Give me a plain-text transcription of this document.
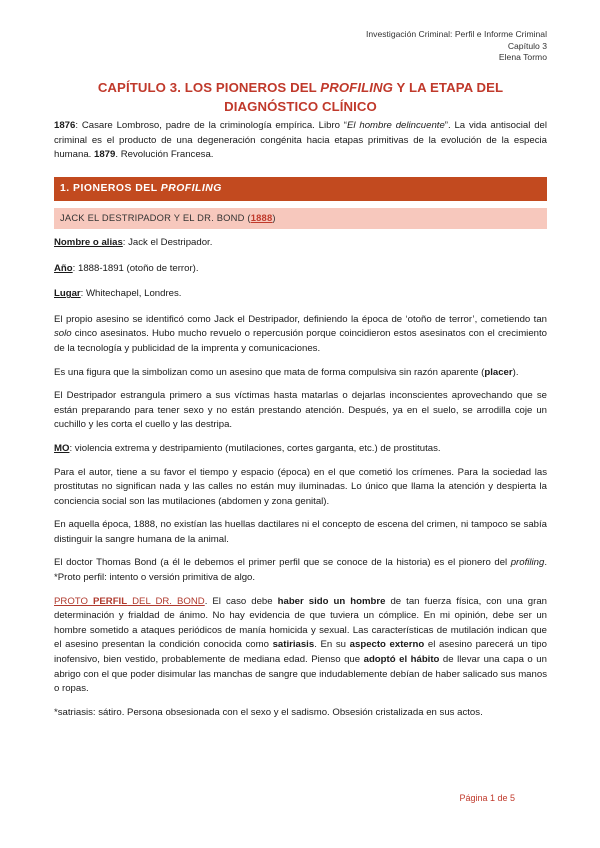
Investigación Criminal: Perfil e Informe Criminal
Capítulo 3
Elena Tormo
CAPÍTULO 3. LOS PIONEROS DEL PROFILING Y LA ETAPA DEL DIAGNÓSTICO CLÍNICO

1876: Casare Lombroso, padre de la criminología empírica. Libro “El hombre delincuente”. La vida antisocial del criminal es el producto de una degeneración congénita hacia etapas primitivas de la evolución de la especia humana. 1879. Revolución Francesa.

1. PIONEROS DEL PROFILING
JACK EL DESTRIPADOR Y EL DR. BOND (1888)

Nombre o alias: Jack el Destripador.

Año: 1888-1891 (otoño de terror).

Lugar: Whitechapel, Londres.

El propio asesino se identificó como Jack el Destripador, definiendo la época de ‘otoño de terror’, cometiendo tan solo cinco asesinatos. Hubo mucho revuelo o repercusión porque coincidieron estos asesinatos con el crecimiento de la tecnología y publicidad de la imprenta y comunicaciones.

Es una figura que la simbolizan como un asesino que mata de forma compulsiva sin razón aparente (placer).

El Destripador estrangula primero a sus víctimas hasta matarlas o dejarlas inconscientes aprovechando que se están preparando para tener sexo y no están prestando atención. Después, ya en el suelo, se arrodilla coje un cuchillo y les corta el cuello y las destripa.

MO: violencia extrema y destripamiento (mutilaciones, cortes garganta, etc.) de prostitutas.

Para el autor, tiene a su favor el tiempo y espacio (época) en el que cometió los crímenes. Para la sociedad las prostitutas no significan nada y las calles no están muy iluminadas. Lo único que llama la atención y despierta la conciencia social son las mutilaciones (abdomen y zona genital).

En aquella época, 1888, no existían las huellas dactilares ni el concepto de escena del crimen, ni tampoco se sabía distinguir la sangre humana de la animal.

El doctor Thomas Bond (a él le debemos el primer perfil que se conoce de la historia) es el pionero del profiling. *Proto perfil: intento o versión primitiva de algo.

PROTO PERFIL DEL DR. BOND. El caso debe haber sido un hombre de tan fuerza física, con una gran determinación y frialdad de ánimo. No hay evidencia de que tuviera un cómplice. En mi opinión, debe ser un hombre sometido a ataques periódicos de manía homicida y sexual. Las características de mutilación indican que el asesino presentan la condición conocida como satiriasis. En su aspecto externo el asesino parecerá un tipo inofensivo, bien vestido, probablemente de mediana edad. Pienso que adoptó el hábito de llevar una capa o un abrigo con el que poder disimular las manchas de sangre que indudablemente debían de haber salicado sus manos o ropas.

*satriasis: sátiro. Persona obsesionada con el sexo y el sadismo. Obsesión cristalizada en sus actos.

Página 1 de 5
